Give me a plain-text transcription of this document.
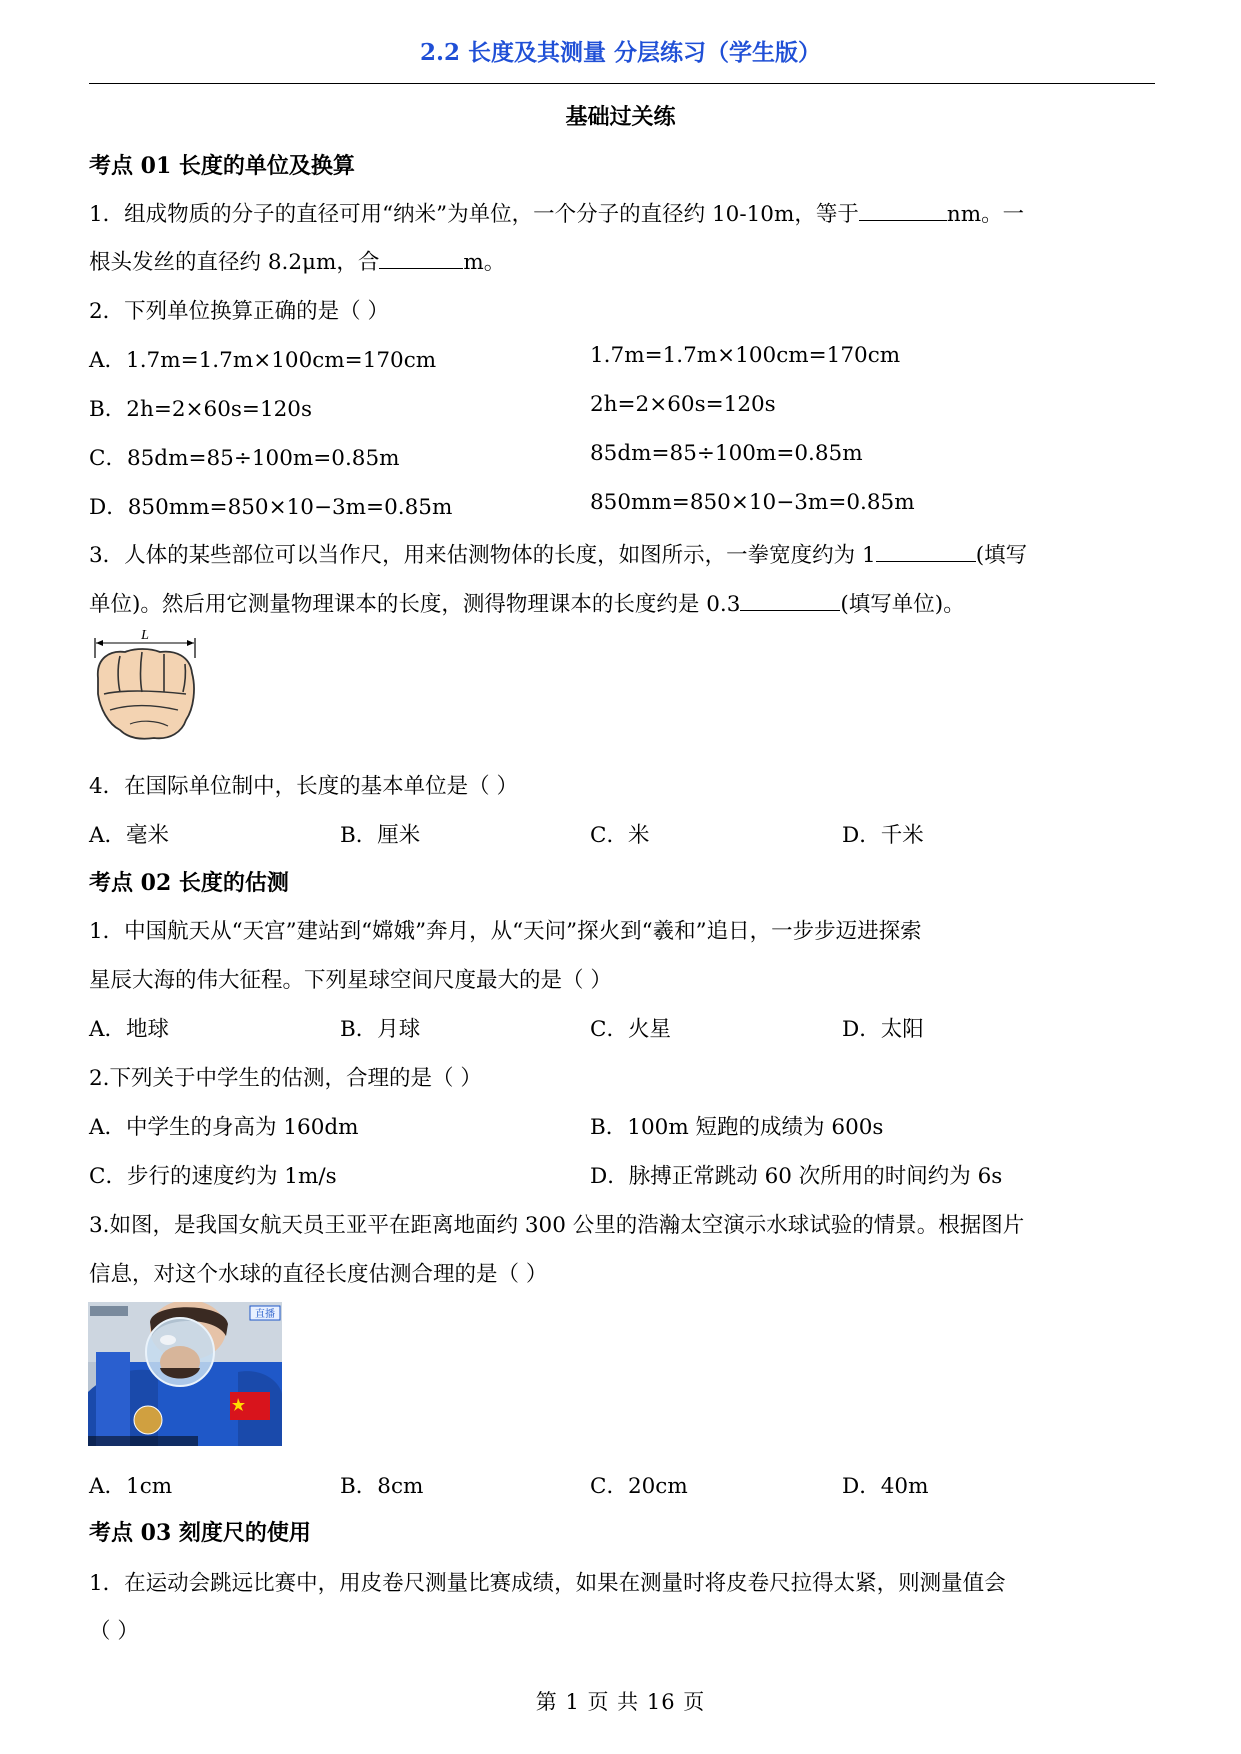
2.2 长度及其测量 分层练习（学生版）
基础过关练
考点 01 长度的单位及换算
1．组成物质的分子的直径可用“纳米”为单位，一个分子的直径约 10-10m，等于	nm。一
根头发丝的直径约 8.2μm，合	m。
2．下列单位换算正确的是（ ）
A．1.7m=1.7m×100cm=170cm	1.7m=1.7m×100cm=170cm
B．2h=2×60s=120s	2h=2×60s=120s
C．85dm=85÷100m=0.85m	85dm=85÷100m=0.85m
D．850mm=850×10−3m=0.85m	850mm=850×10−3m=0.85m
3．人体的某些部位可以当作尺，用来估测物体的长度，如图所示，一拳宽度约为 1	(填写
单位)。然后用它测量物理课本的长度，测得物理课本的长度约是 0.3	(填写单位)。
L
4．在国际单位制中，长度的基本单位是（ ）
A．毫米	B．厘米	C．米	D．千米
考点 02 长度的估测
1．中国航天从“天宫”建站到“嫦娥”奔月，从“天问”探火到“羲和”追日，一步步迈进探索
星辰大海的伟大征程。下列星球空间尺度最大的是（ ）
A．地球	B．月球	C．火星	D．太阳
2.下列关于中学生的估测，合理的是（ ）
A．中学生的身高为 160dm	B．100m 短跑的成绩为 600s
C．步行的速度约为 1m/s	D．脉搏正常跳动 60 次所用的时间约为 6s
3.如图，是我国女航天员王亚平在距离地面约 300 公里的浩瀚太空演示水球试验的情景。根据图片
信息，对这个水球的直径长度估测合理的是（ ）
直播
A．1cm	B．8cm	C．20cm	D．40m
考点 03 刻度尺的使用
1．在运动会跳远比赛中，用皮卷尺测量比赛成绩，如果在测量时将皮卷尺拉得太紧，则测量值会
（ ）
第 1 页 共 16 页
